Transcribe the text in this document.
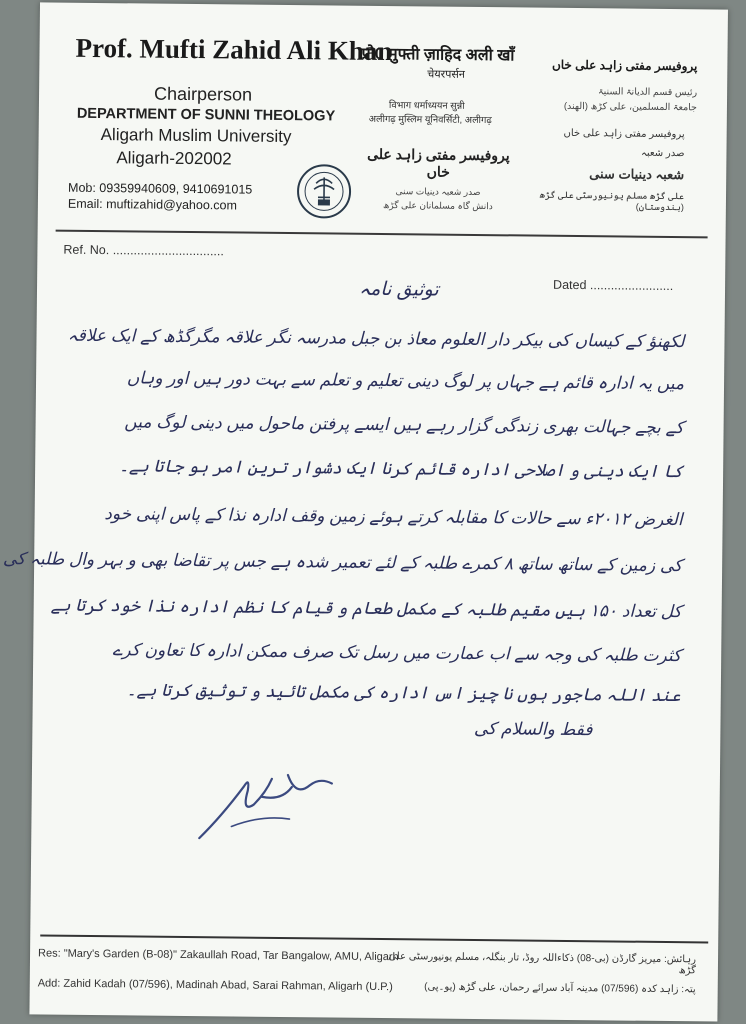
Prof. Mufti Zahid Ali Khan
Chairperson
DEPARTMENT OF SUNNI THEOLOGY
Aligarh Muslim University
Aligarh-202002
Mob: 09359940609, 9410691015
Email: muftizahid@yahoo.com
प्रो0 मुफ्ती ज़ाहिद अली खाँ
चेयरपर्सन
विभाग धर्माध्ययन सुन्नी
अलीगढ़ मुस्लिम यूनिवर्सिटी, अलीगढ़
پروفیسر مفتی زاہد علی خاں
رئیس قسم الدیانۃ السنیۃ
جامعۃ المسلمین، علی کڑھ (الھند)
پروفیسر مفتی زاہد علی خاں
صدر شعبہ دینیات سنی
دانش گاہ مسلمانان علی گڑھ
پروفیسر مفتی زاہد علی خاں
صدر شعبہ
شعبہ دینیات سنی
علی گڑھ مسلم یونیورسٹی علی گڑھ (ہندوستان)
Ref. No. ................................
Dated ........................
توثیق نامہ
لکھنؤ کے کیساں کی بیکر دار العلوم معاذ بن جبل مدرسہ نگر علاقہ مگرگڈھ کے ایک علاقہ
میں یہ ادارہ قائم ہے جہاں پر لوگ دینی تعلیم و تعلم سے بہت دور ہیں اور وہاں
کے بچے جہالت بھری زندگی گزار رہے ہیں ایسے پرفتن ماحول میں دینی لوگ میں
کا ایک دینی و اصلاحی ادارہ قائم کرنا ایک دشوار ترین امر ہو جاتا ہے۔
الغرض ۲۰۱۲ء سے حالات کا مقابلہ کرتے ہوئے زمین وقف ادارہ نذا کے پاس اپنی خود
کی زمین کے ساتھ ساتھ ۸ کمرے طلبہ کے لئے تعمیر شدہ ہے جس پر تقاضا بھی و بہر وال طلبہ کی
کل تعداد ۱۵۰ ہیں مقیم طلبہ کے مکمل طعام و قیام کا نظم ادارہ نذا خود کرتا ہے
کثرت طلبہ کی وجہ سے اب عمارت میں رسل تک صرف ممکن ادارہ کا تعاون کرے
عند اللہ ماجور ہوں نا چیز اس ادارہ کی مکمل تائید و توثیق کرتا ہے۔
فقط والسلام کی
Res: "Mary's Garden (B-08)" Zakaullah Road, Tar Bangalow, AMU, Aligarh
Add: Zahid Kadah (07/596), Madinah Abad, Sarai Rahman, Aligarh (U.P.)
رہائش: میریز گارڈن (بی-08) ذکاءاللہ روڈ، تار بنگلہ، مسلم یونیورسٹی علی گڑھ
پتہ: زاہد کدہ (07/596) مدینہ آباد سرائے رحمان، علی گڑھ (یو۔پی)
